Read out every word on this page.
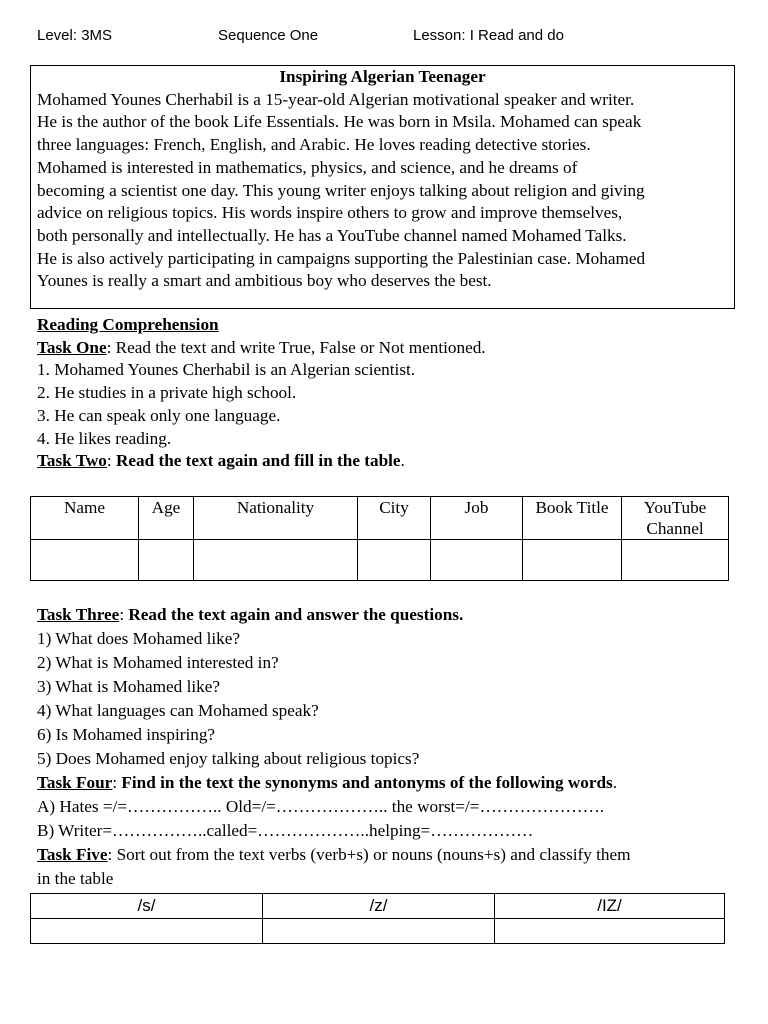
Level: 3MS	Sequence One	Lesson: I Read and do
Inspiring Algerian Teenager
Mohamed Younes Cherhabil is a 15-year-old Algerian motivational speaker and writer.
He is the author of the book Life Essentials. He was born in Msila. Mohamed can speak
three languages: French, English, and Arabic. He loves reading detective stories.
Mohamed is interested in mathematics, physics, and science, and he dreams of
becoming a scientist one day. This young writer enjoys talking about religion and giving
advice on religious topics. His words inspire others to grow and improve themselves,
both personally and intellectually. He has a YouTube channel named Mohamed Talks.
He is also actively participating in campaigns supporting the Palestinian case. Mohamed
Younes is really a smart and ambitious boy who deserves the best.
Reading Comprehension
Task One: Read the text and write True, False or Not mentioned.
1. Mohamed Younes Cherhabil is an Algerian scientist.
2. He studies in a private high school.
3. He can speak only one language.
4. He likes reading.
Task Two: Read the text again and fill in the table.
Name	Age	Nationality	City	Job	Book Title	YouTube Channel

Task Three: Read the text again and answer the questions.
1) What does Mohamed like?
2) What is Mohamed interested in?
3) What is Mohamed like?
4) What languages can Mohamed speak?
6) Is Mohamed inspiring?
5) Does Mohamed enjoy talking about religious topics?
Task Four: Find in the text the synonyms and antonyms of the following words.
A) Hates =/=…………….. Old=/=……………….. the worst=/=………………….
B) Writer=……………..called=………………..helping=………………
Task Five: Sort out from the text verbs (verb+s) or nouns (nouns+s) and classify them
in the table
/s/	/z/	/IZ/
